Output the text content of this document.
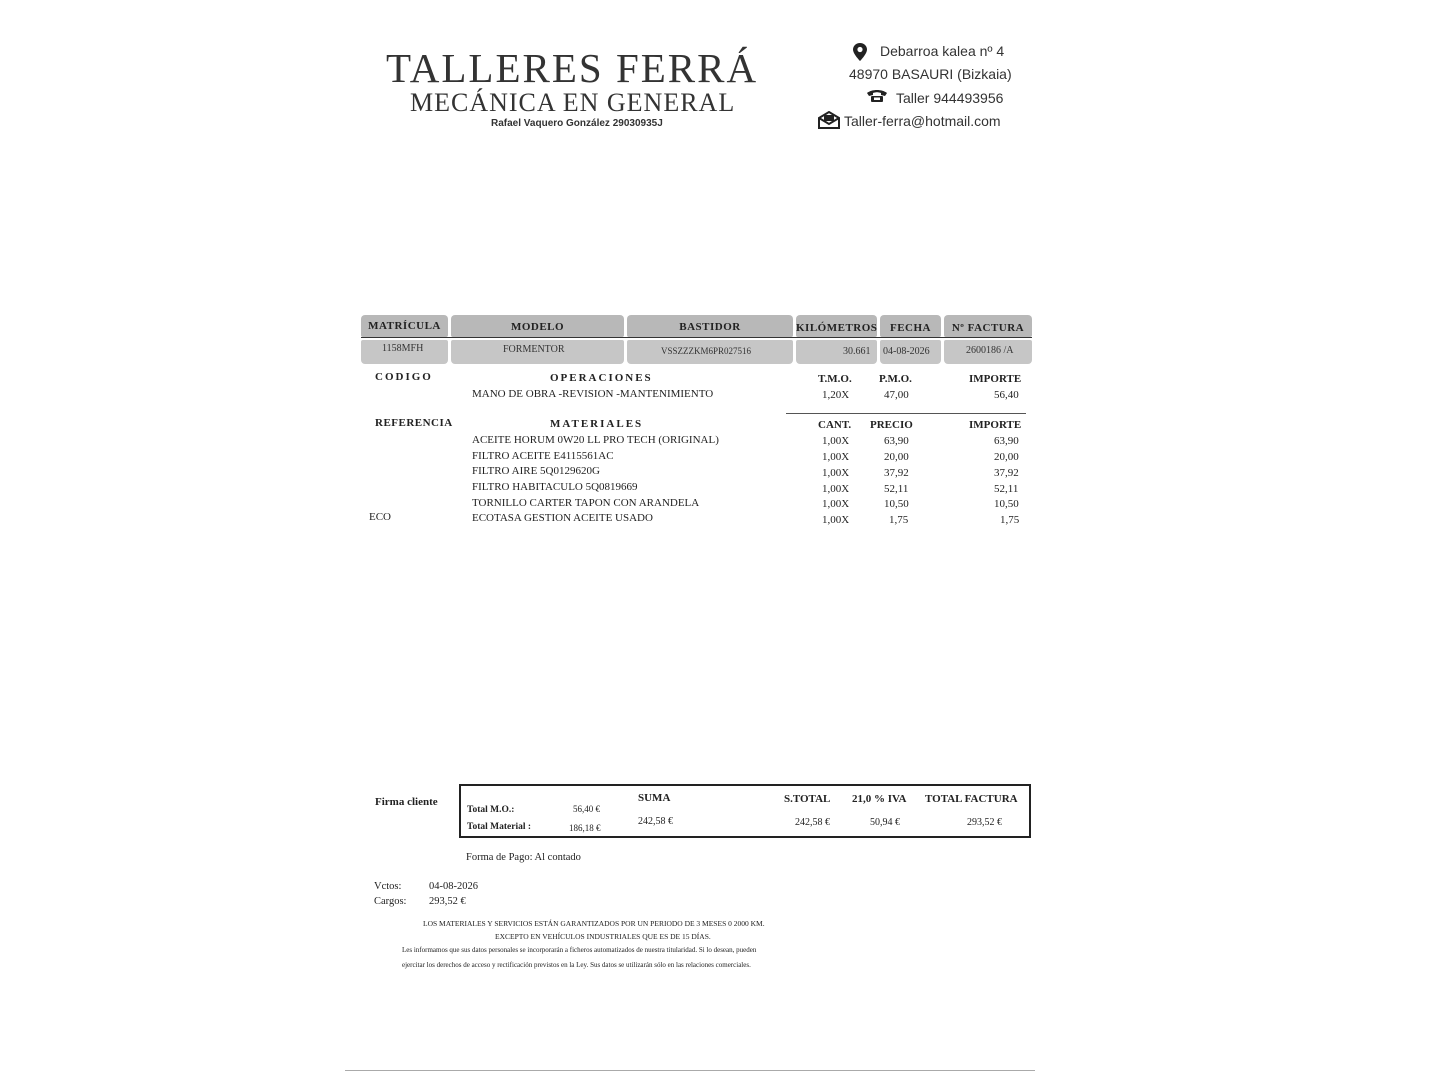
TALLERES FERRÁ
MECÁNICA EN GENERAL
Rafael Vaquero González 29030935J
Debarroa kalea nº 4
48970 BASAURI (Bizkaia)
Taller 944493956
Taller-ferra@hotmail.com
MATRÍCULA	MODELO	BASTIDOR	KILÓMETROS	FECHA	Nº FACTURA
1158MFH	FORMENTOR	VSSZZZKM6PR027516	30.661 04-08-2026	2600186 /A
CODIGO	OPERACIONES	T.M.O. P.M.O.	IMPORTE
MANO DE OBRA -REVISION -MANTENIMIENTO	1,20X	47,00	56,40
REFERENCIA	MATERIALES	CANT. PRECIO	IMPORTE
ACEITE HORUM 0W20 LL PRO TECH (ORIGINAL)	1,00X	63,90	63,90
FILTRO ACEITE E4115561AC	1,00X	20,00	20,00
FILTRO AIRE 5Q0129620G	1,00X	37,92	37,92
FILTRO HABITACULO 5Q0819669	1,00X	52,11	52,11
TORNILLO CARTER TAPON CON ARANDELA	1,00X	10,50	10,50
ECO	ECOTASA GESTION ACEITE USADO	1,00X	1,75	1,75
Firma cliente
Total M.O.:	56,40 €
Total Material :	186,18 €
SUMA
242,58 €
S.TOTAL
242,58 €
21,0 % IVA
50,94 €
TOTAL FACTURA
293,52 €
Forma de Pago: Al contado
Vctos:	04-08-2026
Cargos: 293,52 €
LOS MATERIALES Y SERVICIOS ESTÁN GARANTIZADOS POR UN PERIODO DE 3 MESES 0 2000 KM.
EXCEPTO EN VEHÍCULOS INDUSTRIALES QUE ES DE 15 DÍAS.
Les informamos que sus datos personales se incorporarán a ficheros automatizados de nuestra titularidad. Si lo desean, pueden
ejercitar los derechos de acceso y rectificación previstos en la Ley. Sus datos se utilizarán sólo en las relaciones comerciales.
